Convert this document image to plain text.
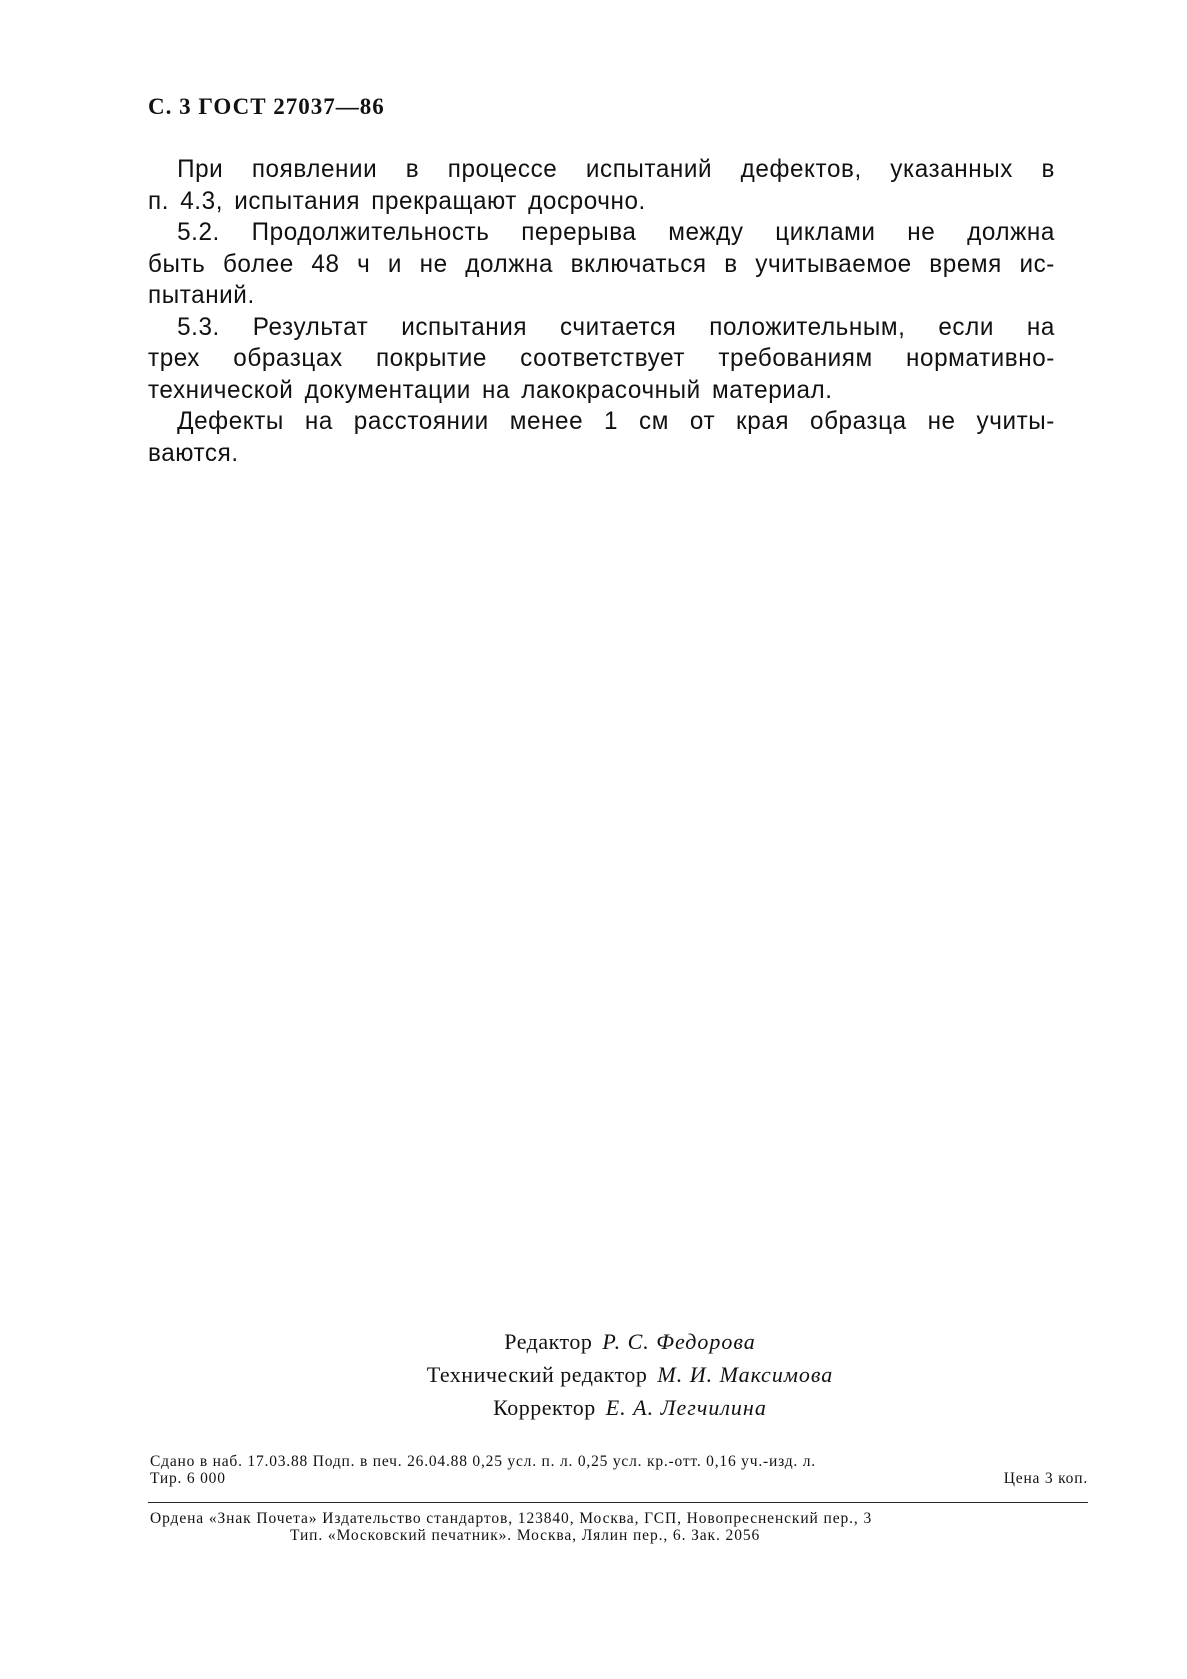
С. 3 ГОСТ 27037—86

При появлении в процессе испытаний дефектов, указанных в
п. 4.3, испытания прекращают досрочно.

5.2. Продолжительность перерыва между циклами не должна
быть более 48 ч и не должна включаться в учитываемое время ис-
пытаний.

5.3. Результат испытания считается положительным, если на
трех образцах покрытие соответствует требованиям нормативно-
технической документации на лакокрасочный материал.

Дефекты на расстоянии менее 1 см от края образца не учиты-
ваются.

Редактор Р. С. Федорова
Технический редактор М. И. Максимова
Корректор Е. А. Легчилина
Сдано в наб. 17.03.88 Подп. в печ. 26.04.88 0,25 усл. п. л. 0,25 усл. кр.-отт. 0,16 уч.-изд. л.
Тир. 6 000	Цена 3 коп.
Ордена «Знак Почета» Издательство стандартов, 123840, Москва, ГСП, Новопресненский пер., 3
Тип. «Московский печатник». Москва, Лялин пер., 6. Зак. 2056
